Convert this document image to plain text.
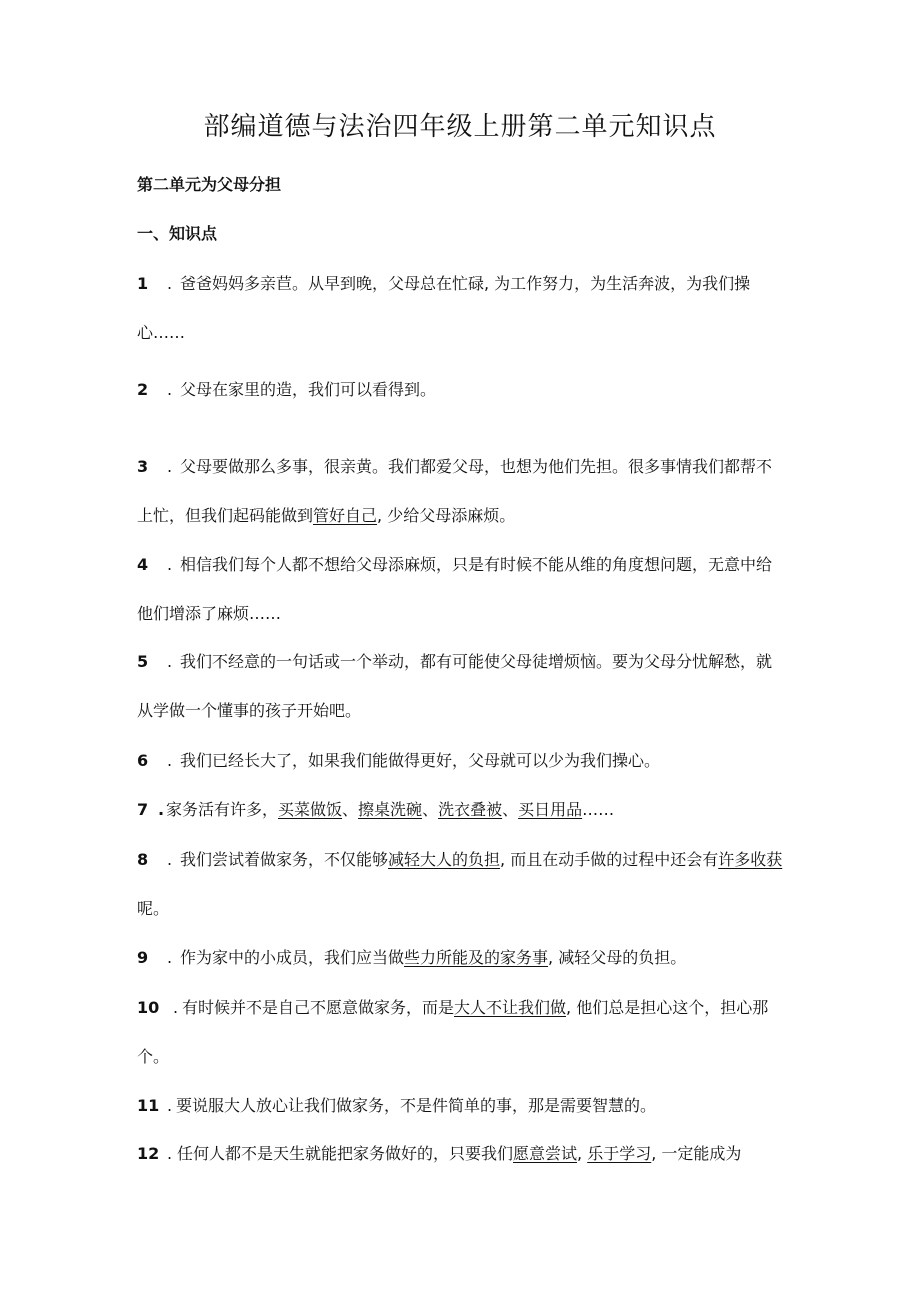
部编道德与法治四年级上册第二单元知识点
第二单元为父母分担
一、知识点

1 . 爸爸妈妈多亲苣。从早到晚，父母总在忙碌, 为工作努力，为生活奔波，为我们操心……

2 . 父母在家里的造，我们可以看得到。

3 . 父母要做那么多事，很亲黄。我们都爱父母，也想为他们先担。很多事情我们都帮不上忙，但我们起码能做到管好自己, 少给父母添麻烦。

4 . 相信我们每个人都不想给父母添麻烦，只是有时候不能从维的角度想问题，无意中给他们增添了麻烦……

5 . 我们不经意的一句话或一个举动，都有可能使父母徒增烦恼。要为父母分忧解愁，就从学做一个懂事的孩子开始吧。

6 . 我们已经长大了，如果我们能做得更好，父母就可以少为我们操心。

7 . 家务活有许多，买菜做饭、擦桌洗碗、洗衣叠被、买日用品……

8 . 我们尝试着做家务，不仅能够减轻大人的负担, 而且在动手做的过程中还会有许多收获呢。

9 . 作为家中的小成员，我们应当做些力所能及的家务事, 减轻父母的负担。

10 . 有时候并不是自己不愿意做家务，而是大人不让我们做, 他们总是担心这个，担心那个。

11 . 要说服大人放心让我们做家务，不是件简单的事，那是需要智慧的。

12 . 任何人都不是天生就能把家务做好的，只要我们愿意尝试, 乐于学习, 一定能成为
